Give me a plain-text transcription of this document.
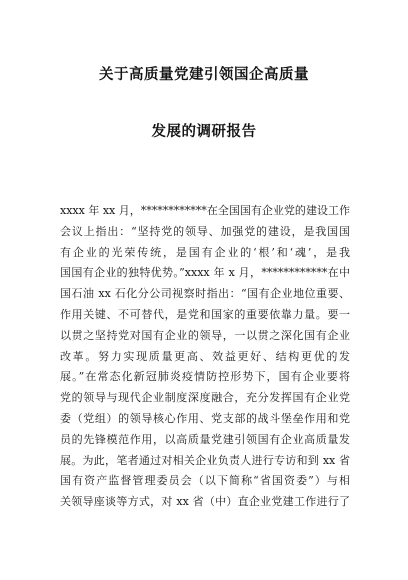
关于高质量党建引领国企高质量
发展的调研报告
xxxx 年 xx 月，************在全国国有企业党的建设工作
会议上指出：“坚持党的领导、加强党的建设，是我国国
有企业的光荣传统，是国有企业的‘根’和‘魂’，是我
国国有企业的独特优势。”xxxx 年 x 月，************在中
国石油 xx 石化分公司视察时指出：“国有企业地位重要、
作用关键、不可替代，是党和国家的重要依靠力量。要一
以贯之坚持党对国有企业的领导，一以贯之深化国有企业
改革。努力实现质量更高、效益更好、结构更优的发
展。”在常态化新冠肺炎疫情防控形势下，国有企业要将
党的领导与现代企业制度深度融合，充分发挥国有企业党
委（党组）的领导核心作用、党支部的战斗堡垒作用和党
员的先锋模范作用，以高质量党建引领国有企业高质量发
展。为此，笔者通过对相关企业负责人进行专访和到 xx 省
国有资产监督管理委员会（以下简称“省国资委”）与相
关领导座谈等方式，对 xx 省（中）直企业党建工作进行了
